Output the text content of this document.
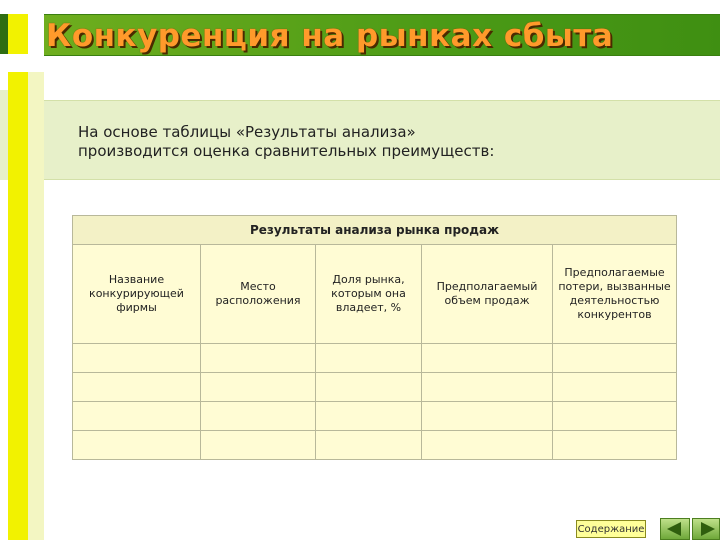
Конкуренция на рынках сбыта
На основе таблицы «Результаты анализа»
производится оценка сравнительных преимуществ:
Результаты анализа рынка продаж				
Название конкурирующей фирмы	Место расположения	Доля рынка, которым она владеет, %	Предполагаемый объем продаж	Предполагаемые потери, вызванные деятельностью конкурентов

Содержание
